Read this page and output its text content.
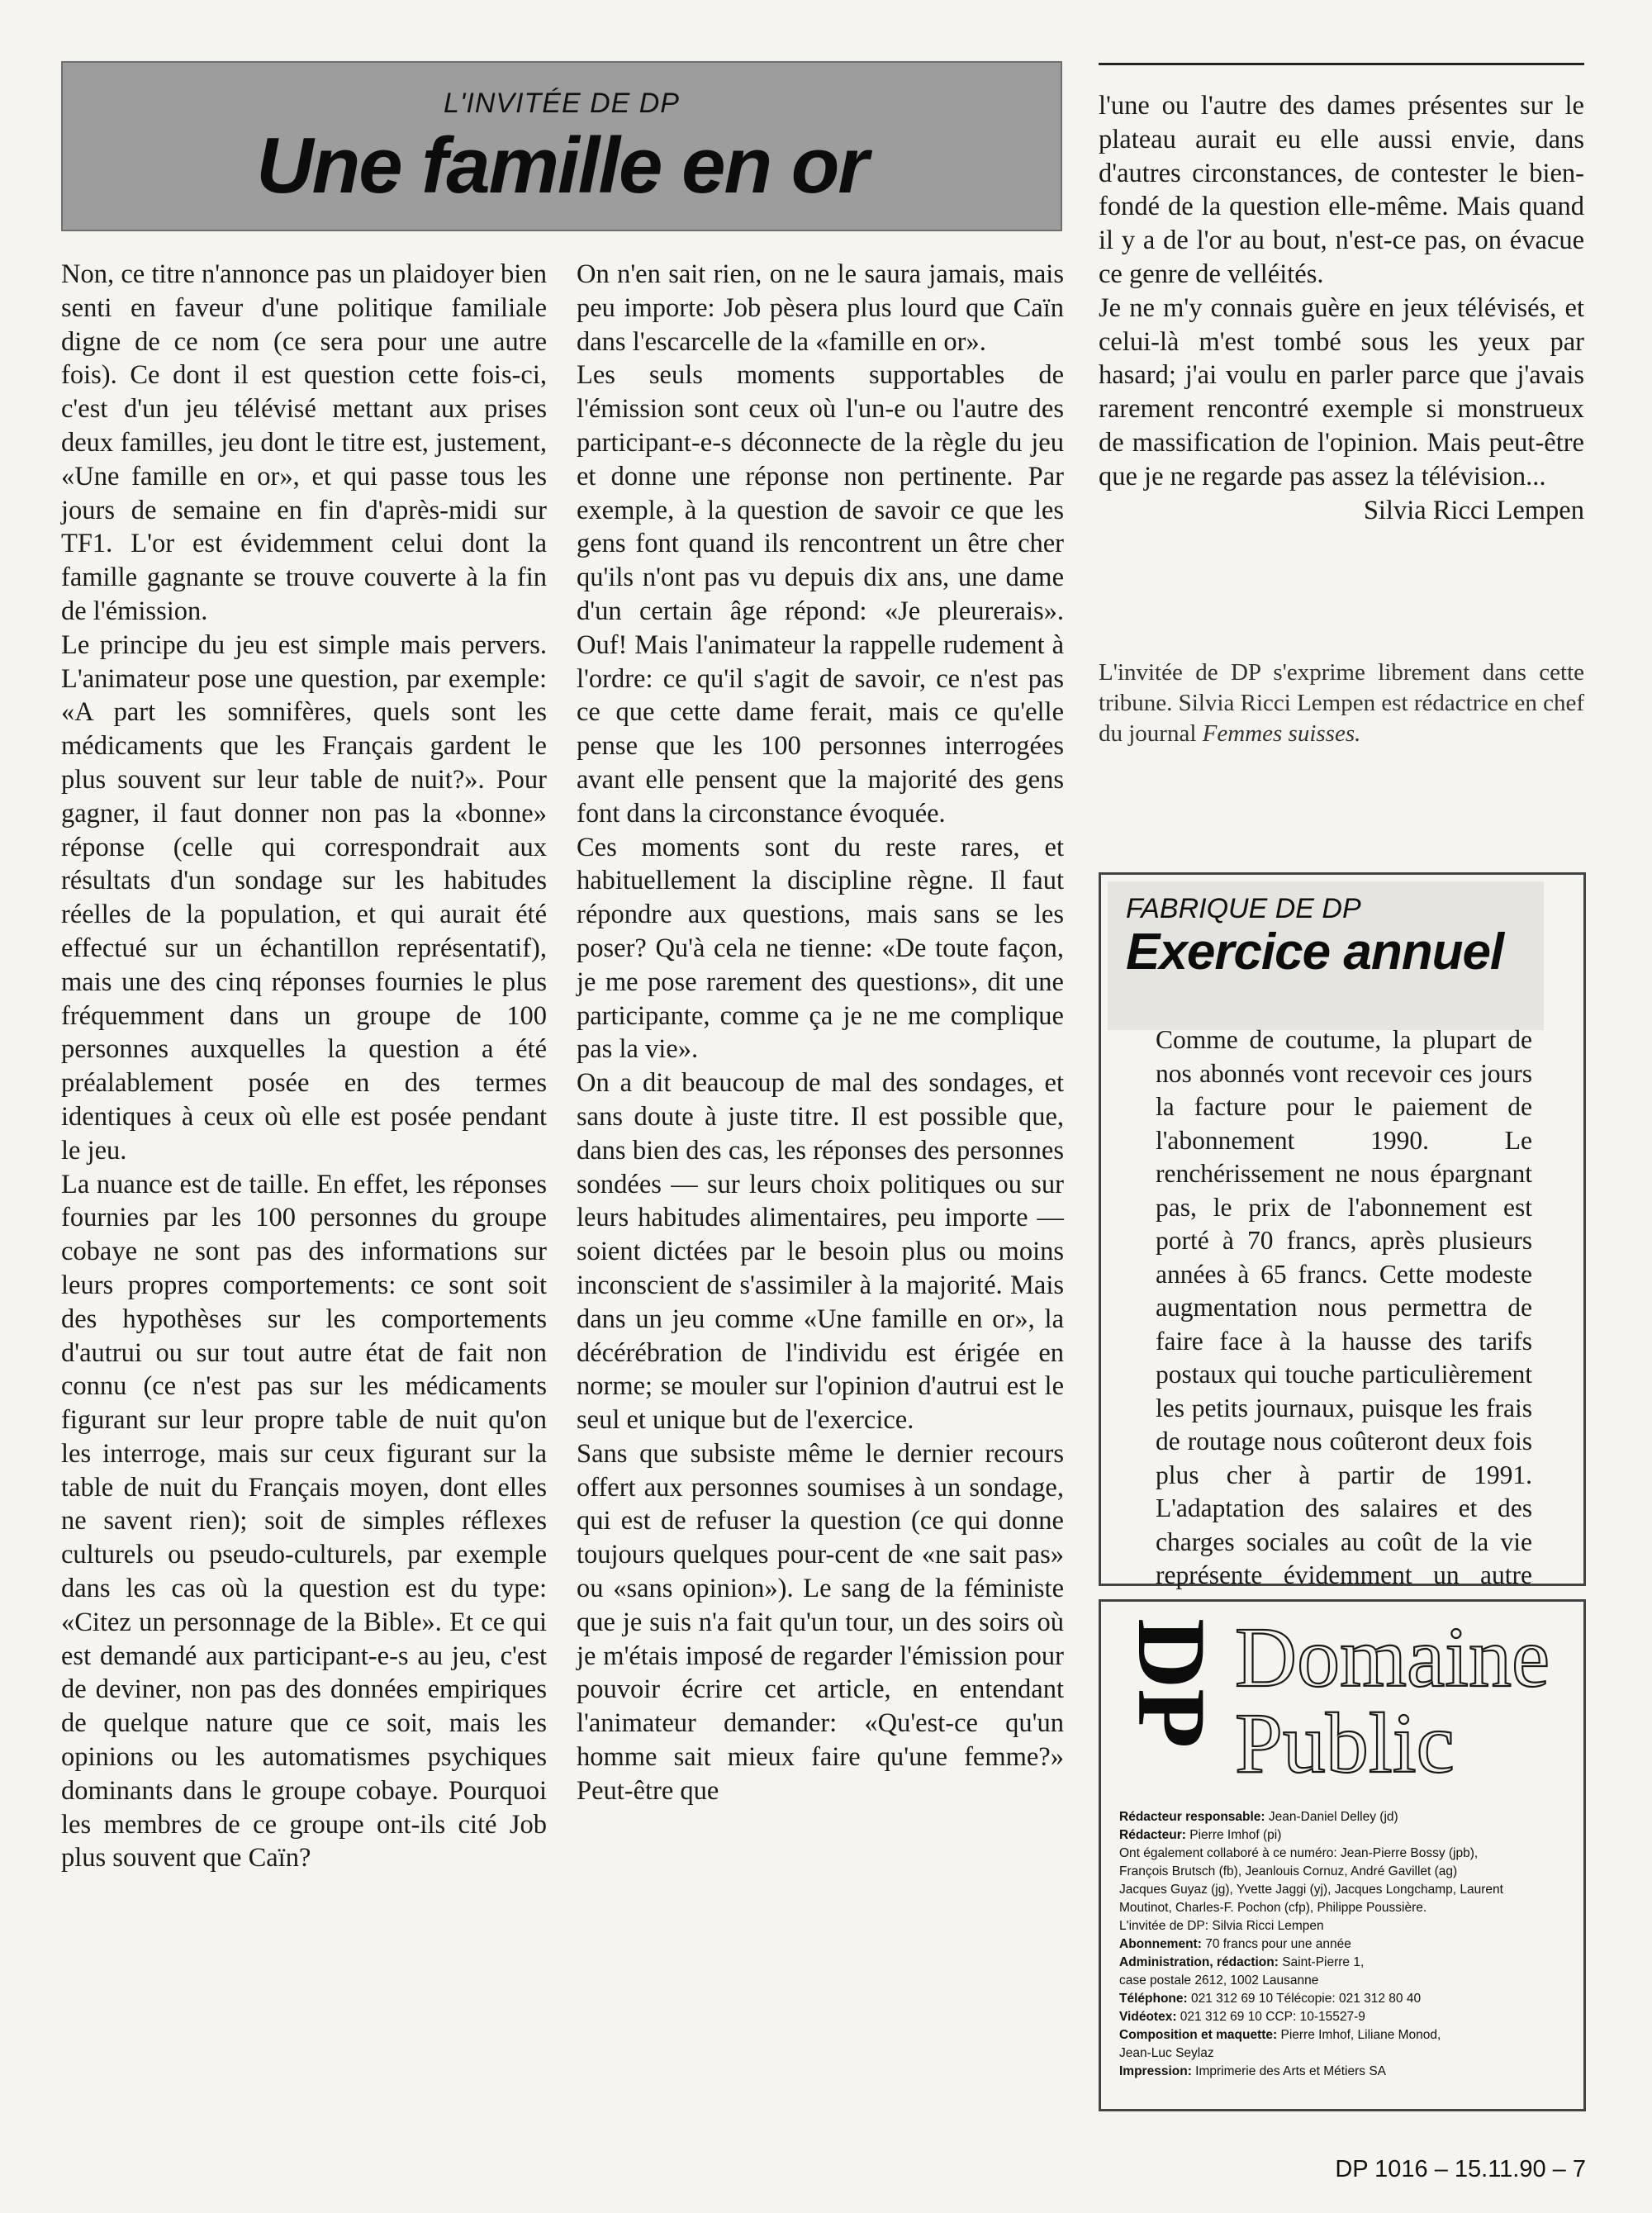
L'INVITÉE DE DP
Une famille en or

Non, ce titre n'annonce pas un plaidoyer bien senti en faveur d'une politique familiale digne de ce nom (ce sera pour une autre fois). Ce dont il est question cette fois-ci, c'est d'un jeu télévisé mettant aux prises deux familles, jeu dont le titre est, justement, «Une famille en or», et qui passe tous les jours de semaine en fin d'après-midi sur TF1. L'or est évidemment celui dont la famille gagnante se trouve couverte à la fin de l'émission.

Le principe du jeu est simple mais pervers. L'animateur pose une question, par exemple: «A part les somnifères, quels sont les médicaments que les Français gardent le plus souvent sur leur table de nuit?». Pour gagner, il faut donner non pas la «bonne» réponse (celle qui correspondrait aux résultats d'un sondage sur les habitudes réelles de la population, et qui aurait été effectué sur un échantillon représentatif), mais une des cinq réponses fournies le plus fréquemment dans un groupe de 100 personnes auxquelles la question a été préalablement posée en des termes identiques à ceux où elle est posée pendant le jeu.

La nuance est de taille. En effet, les réponses fournies par les 100 personnes du groupe cobaye ne sont pas des informations sur leurs propres comportements: ce sont soit des hypothèses sur les comportements d'autrui ou sur tout autre état de fait non connu (ce n'est pas sur les médicaments figurant sur leur propre table de nuit qu'on les interroge, mais sur ceux figurant sur la table de nuit du Français moyen, dont elles ne savent rien); soit de simples réflexes culturels ou pseudo-culturels, par exemple dans les cas où la question est du type: «Citez un personnage de la Bible». Et ce qui est demandé aux participant-e-s au jeu, c'est de deviner, non pas des données empiriques de quelque nature que ce soit, mais les opinions ou les automatismes psychiques dominants dans le groupe cobaye. Pourquoi les membres de ce groupe ont-ils cité Job plus souvent que Caïn?

On n'en sait rien, on ne le saura jamais, mais peu importe: Job pèsera plus lourd que Caïn dans l'escarcelle de la «famille en or».

Les seuls moments supportables de l'émission sont ceux où l'un-e ou l'autre des participant-e-s déconnecte de la règle du jeu et donne une réponse non pertinente. Par exemple, à la question de savoir ce que les gens font quand ils rencontrent un être cher qu'ils n'ont pas vu depuis dix ans, une dame d'un certain âge répond: «Je pleurerais». Ouf! Mais l'animateur la rappelle rudement à l'ordre: ce qu'il s'agit de savoir, ce n'est pas ce que cette dame ferait, mais ce qu'elle pense que les 100 personnes interrogées avant elle pensent que la majorité des gens font dans la circonstance évoquée.

Ces moments sont du reste rares, et habituellement la discipline règne. Il faut répondre aux questions, mais sans se les poser? Qu'à cela ne tienne: «De toute façon, je me pose rarement des questions», dit une participante, comme ça je ne me complique pas la vie».

On a dit beaucoup de mal des sondages, et sans doute à juste titre. Il est possible que, dans bien des cas, les réponses des personnes sondées — sur leurs choix politiques ou sur leurs habitudes alimentaires, peu importe — soient dictées par le besoin plus ou moins inconscient de s'assimiler à la majorité. Mais dans un jeu comme «Une famille en or», la décérébration de l'individu est érigée en norme; se mouler sur l'opinion d'autrui est le seul et unique but de l'exercice.

Sans que subsiste même le dernier recours offert aux personnes soumises à un sondage, qui est de refuser la question (ce qui donne toujours quelques pour-cent de «ne sait pas» ou «sans opinion»). Le sang de la féministe que je suis n'a fait qu'un tour, un des soirs où je m'étais imposé de regarder l'émission pour pouvoir écrire cet article, en entendant l'animateur demander: «Qu'est-ce qu'un homme sait mieux faire qu'une femme?» Peut-être que

l'une ou l'autre des dames présentes sur le plateau aurait eu elle aussi envie, dans d'autres circonstances, de contester le bien-fondé de la question elle-même. Mais quand il y a de l'or au bout, n'est-ce pas, on évacue ce genre de velléités.

Je ne m'y connais guère en jeux télévisés, et celui-là m'est tombé sous les yeux par hasard; j'ai voulu en parler parce que j'avais rarement rencontré exemple si monstrueux de massification de l'opinion. Mais peut-être que je ne regarde pas assez la télévision...

Silvia Ricci Lempen

L'invitée de DP s'exprime librement dans cette tribune. Silvia Ricci Lempen est rédactrice en chef du journal Femmes suisses.
FABRIQUE DE DP
Exercice annuel
Comme de coutume, la plupart de nos abonnés vont recevoir ces jours la facture pour le paiement de l'abonnement 1990. Le renchérissement ne nous épargnant pas, le prix de l'abonnement est porté à 70 francs, après plusieurs années à 65 francs. Cette modeste augmentation nous permettra de faire face à la hausse des tarifs postaux qui touche particulièrement les petits journaux, puisque les frais de routage nous coûteront deux fois plus cher à partir de 1991. L'adaptation des salaires et des charges sociales au coût de la vie représente évidemment un autre
DP Domaine
Public
Rédacteur responsable: Jean-Daniel Delley (jd)
Rédacteur: Pierre Imhof (pi)
Ont également collaboré à ce numéro: Jean-Pierre Bossy (jpb),
François Brutsch (fb), Jeanlouis Cornuz, André Gavillet (ag)
Jacques Guyaz (jg), Yvette Jaggi (yj), Jacques Longchamp, Laurent
Moutinot, Charles-F. Pochon (cfp), Philippe Poussière.
L'invitée de DP: Silvia Ricci Lempen
Abonnement: 70 francs pour une année
Administration, rédaction: Saint-Pierre 1,
case postale 2612, 1002 Lausanne
Téléphone: 021 312 69 10 Télécopie: 021 312 80 40
Vidéotex: 021 312 69 10 CCP: 10-15527-9
Composition et maquette: Pierre Imhof, Liliane Monod,
Jean-Luc Seylaz
Impression: Imprimerie des Arts et Métiers SA
DP 1016 – 15.11.90 – 7
